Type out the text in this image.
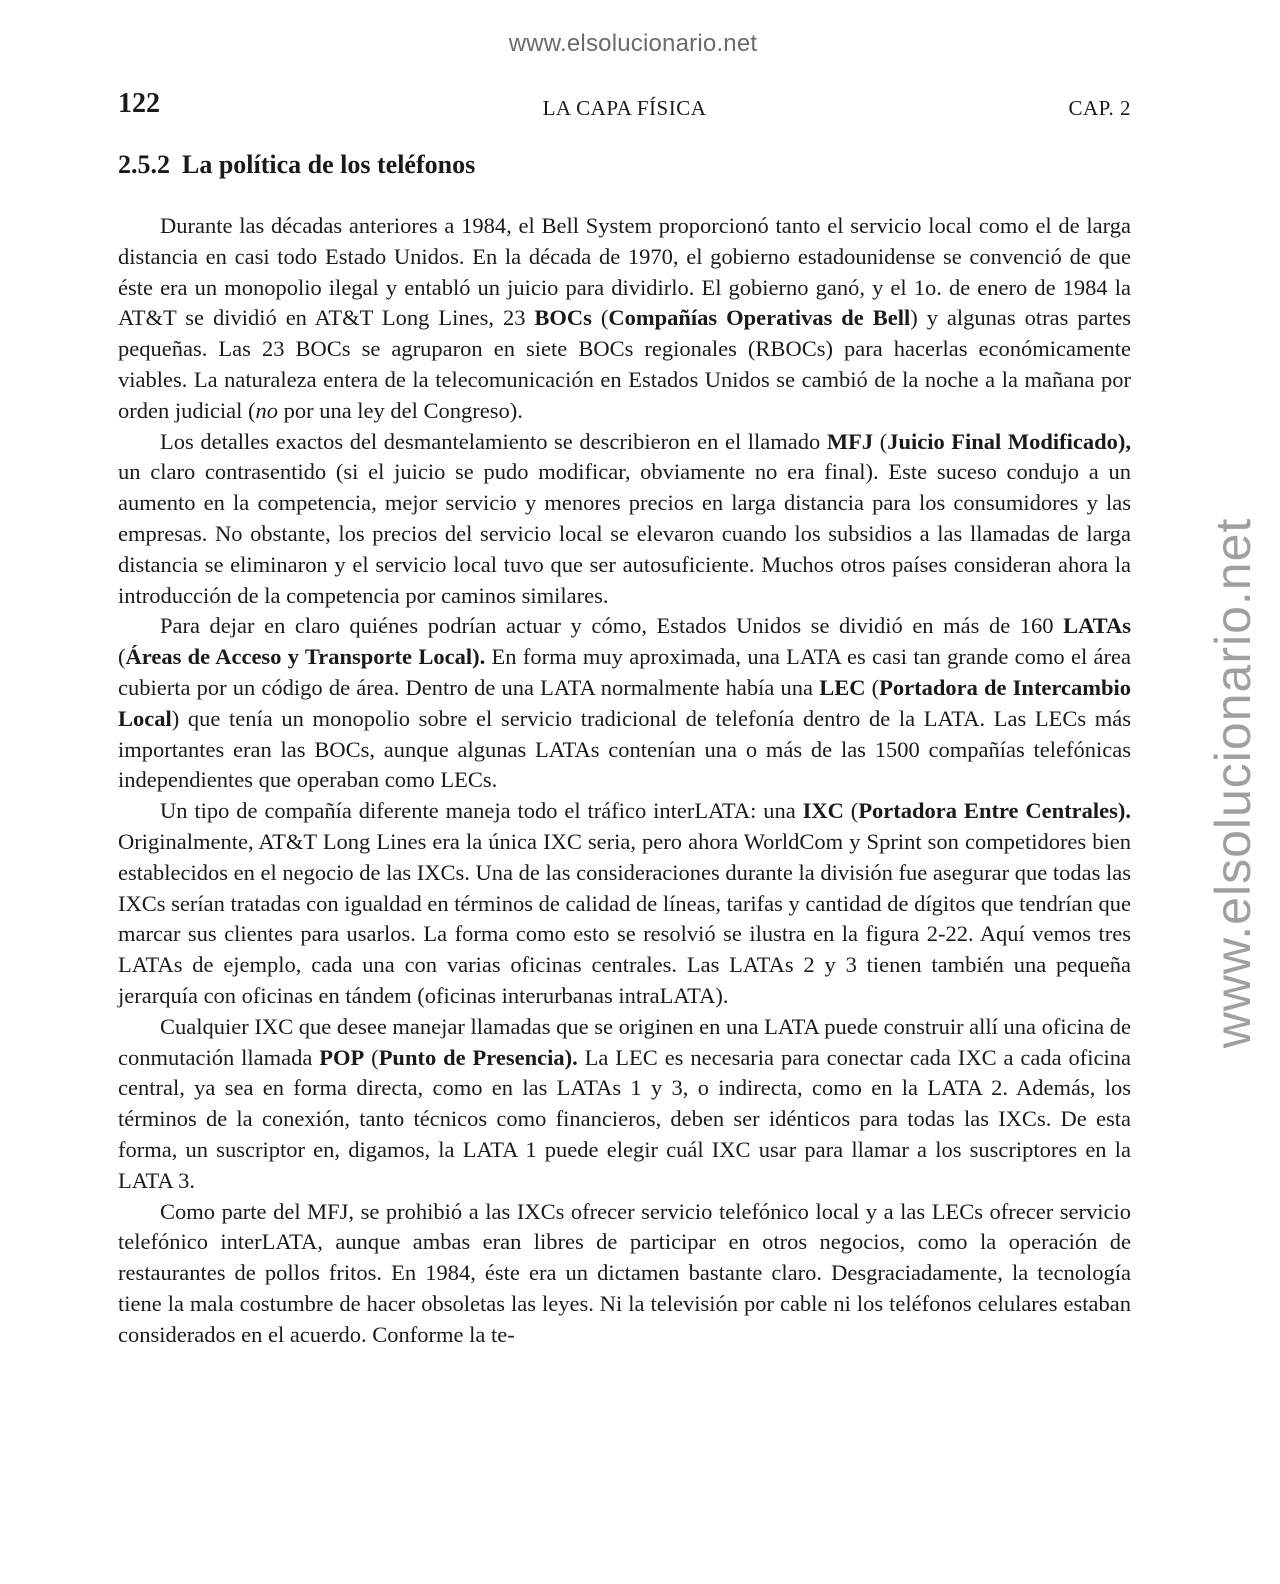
www.elsolucionario.net
www.elsolucionario.net
122	LA CAPA FÍSICA	CAP. 2
2.5.2 La política de los teléfonos

Durante las décadas anteriores a 1984, el Bell System proporcionó tanto el servicio local como el de larga distancia en casi todo Estado Unidos. En la década de 1970, el gobierno estadounidense se convenció de que éste era un monopolio ilegal y entabló un juicio para dividirlo. El gobierno ganó, y el 1o. de enero de 1984 la AT&T se dividió en AT&T Long Lines, 23 BOCs (Compañías Operativas de Bell) y algunas otras partes pequeñas. Las 23 BOCs se agruparon en siete BOCs regionales (RBOCs) para hacerlas económicamente viables. La naturaleza entera de la telecomunicación en Estados Unidos se cambió de la noche a la mañana por orden judicial (no por una ley del Congreso).

Los detalles exactos del desmantelamiento se describieron en el llamado MFJ (Juicio Final Modificado), un claro contrasentido (si el juicio se pudo modificar, obviamente no era final). Este suceso condujo a un aumento en la competencia, mejor servicio y menores precios en larga distancia para los consumidores y las empresas. No obstante, los precios del servicio local se elevaron cuando los subsidios a las llamadas de larga distancia se eliminaron y el servicio local tuvo que ser autosuficiente. Muchos otros países consideran ahora la introducción de la competencia por caminos similares.

Para dejar en claro quiénes podrían actuar y cómo, Estados Unidos se dividió en más de 160 LATAs (Áreas de Acceso y Transporte Local). En forma muy aproximada, una LATA es casi tan grande como el área cubierta por un código de área. Dentro de una LATA normalmente había una LEC (Portadora de Intercambio Local) que tenía un monopolio sobre el servicio tradicional de telefonía dentro de la LATA. Las LECs más importantes eran las BOCs, aunque algunas LATAs contenían una o más de las 1500 compañías telefónicas independientes que operaban como LECs.

Un tipo de compañía diferente maneja todo el tráfico interLATA: una IXC (Portadora Entre Centrales). Originalmente, AT&T Long Lines era la única IXC seria, pero ahora WorldCom y Sprint son competidores bien establecidos en el negocio de las IXCs. Una de las consideraciones durante la división fue asegurar que todas las IXCs serían tratadas con igualdad en términos de calidad de líneas, tarifas y cantidad de dígitos que tendrían que marcar sus clientes para usarlos. La forma como esto se resolvió se ilustra en la figura 2-22. Aquí vemos tres LATAs de ejemplo, cada una con varias oficinas centrales. Las LATAs 2 y 3 tienen también una pequeña jerarquía con oficinas en tándem (oficinas interurbanas intraLATA).

Cualquier IXC que desee manejar llamadas que se originen en una LATA puede construir allí una oficina de conmutación llamada POP (Punto de Presencia). La LEC es necesaria para conectar cada IXC a cada oficina central, ya sea en forma directa, como en las LATAs 1 y 3, o indirecta, como en la LATA 2. Además, los términos de la conexión, tanto técnicos como financieros, deben ser idénticos para todas las IXCs. De esta forma, un suscriptor en, digamos, la LATA 1 puede elegir cuál IXC usar para llamar a los suscriptores en la LATA 3.

Como parte del MFJ, se prohibió a las IXCs ofrecer servicio telefónico local y a las LECs ofrecer servicio telefónico interLATA, aunque ambas eran libres de participar en otros negocios, como la operación de restaurantes de pollos fritos. En 1984, éste era un dictamen bastante claro. Desgraciadamente, la tecnología tiene la mala costumbre de hacer obsoletas las leyes. Ni la televisión por cable ni los teléfonos celulares estaban considerados en el acuerdo. Conforme la te-
